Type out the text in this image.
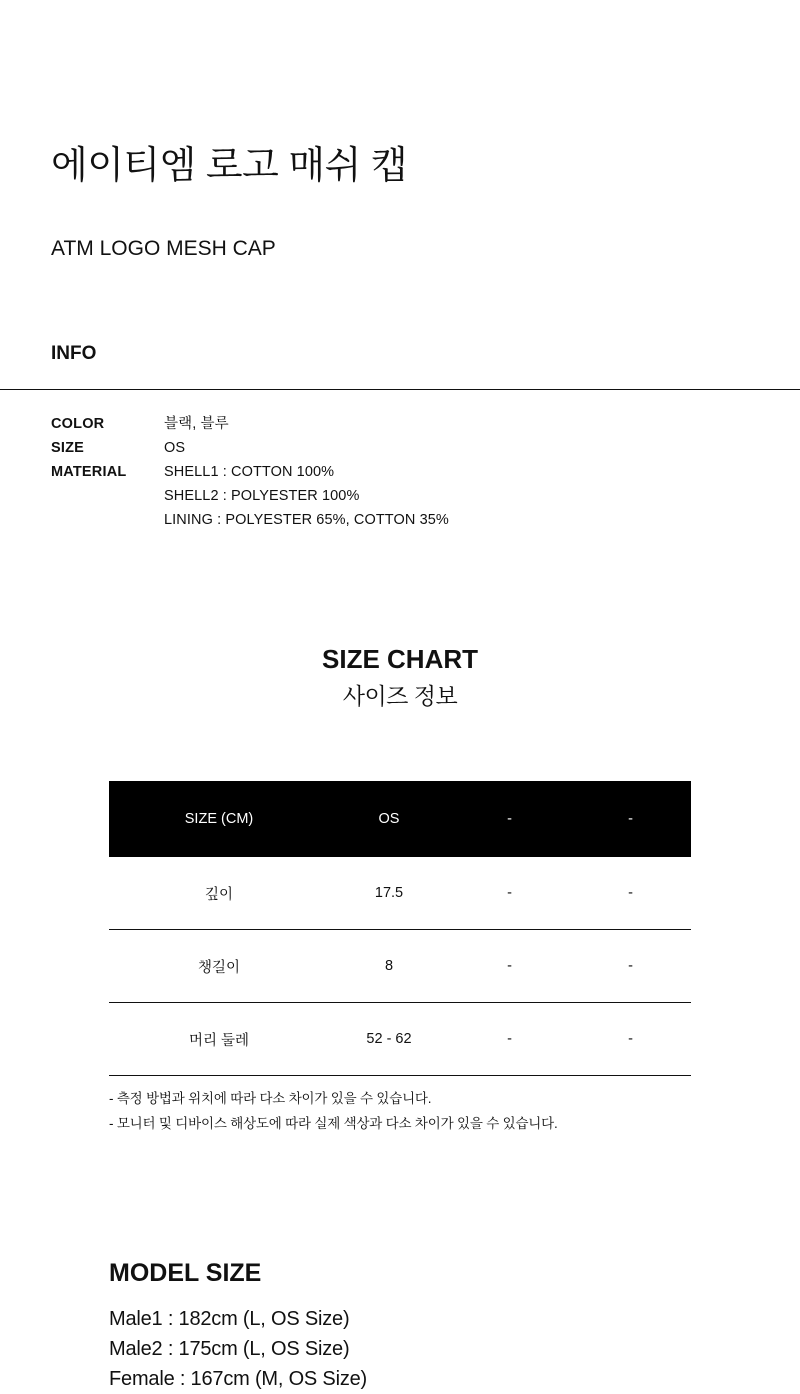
에이티엠 로고 매쉬 캡
ATM LOGO MESH CAP
INFO
COLOR	블랙, 블루

SIZE	OS

MATERIAL	SHELL1 : COTTON 100%
SHELL2 : POLYESTER 100%
LINING : POLYESTER 65%, COTTON 35%
SIZE CHART
사이즈 정보
SIZE (CM)	OS	-	-
깊이	17.5	-	-
챙길이	8	-	-
머리 둘레	52 - 62	-	-
- 측정 방법과 위치에 따라 다소 차이가 있을 수 있습니다.
- 모니터 및 디바이스 해상도에 따라 실제 색상과 다소 차이가 있을 수 있습니다.
MODEL SIZE
Male1 : 182cm (L, OS Size)
Male2 : 175cm (L, OS Size)
Female : 167cm (M, OS Size)
